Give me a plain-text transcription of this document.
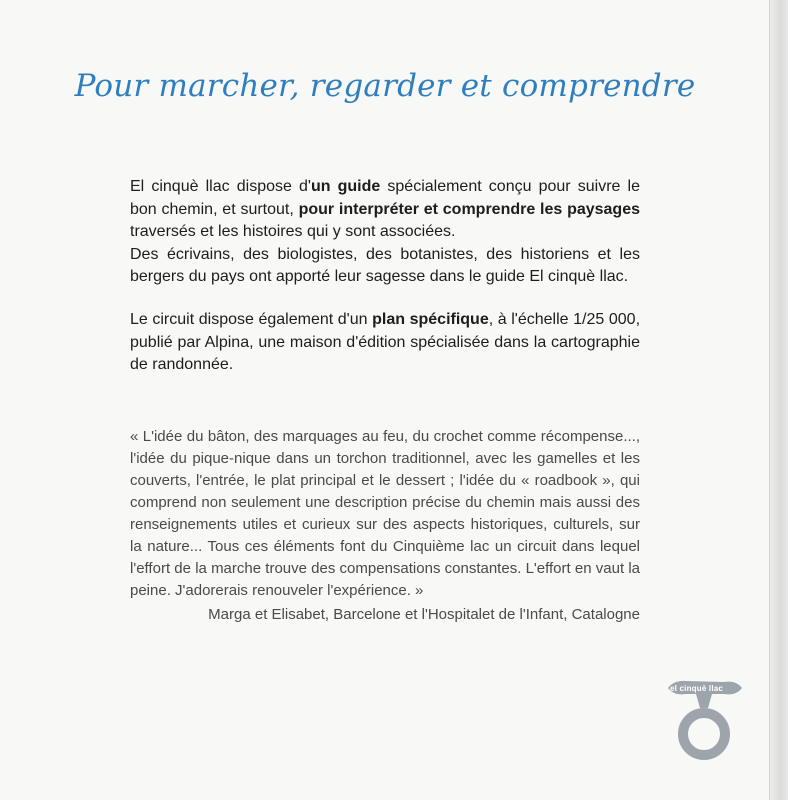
Pour marcher, regarder et comprendre
El cinquè llac dispose d'un guide spécialement conçu pour suivre le bon chemin, et surtout, pour interpréter et comprendre les paysages traversés et les histoires qui y sont associées.
Des écrivains, des biologistes, des botanistes, des historiens et les bergers du pays ont apporté leur sagesse dans le guide El cinquè llac.
Le circuit dispose également d'un plan spécifique, à l'échelle 1/25 000, publié par Alpina, une maison d'édition spécialisée dans la cartographie de randonnée.
« L'idée du bâton, des marquages au feu, du crochet comme récompense..., l'idée du pique-nique dans un torchon traditionnel, avec les gamelles et les couverts, l'entrée, le plat principal et le dessert ; l'idée du « roadbook », qui comprend non seulement une description précise du chemin mais aussi des renseignements utiles et curieux sur des aspects historiques, culturels, sur la nature... Tous ces éléments font du Cinquième lac un circuit dans lequel l'effort de la marche trouve des compensations constantes. L'effort en vaut la peine. J'adorerais renouveler l'expérience. »
Marga et Elisabet, Barcelone et l'Hospitalet de l'Infant, Catalogne
el cinquè llac
